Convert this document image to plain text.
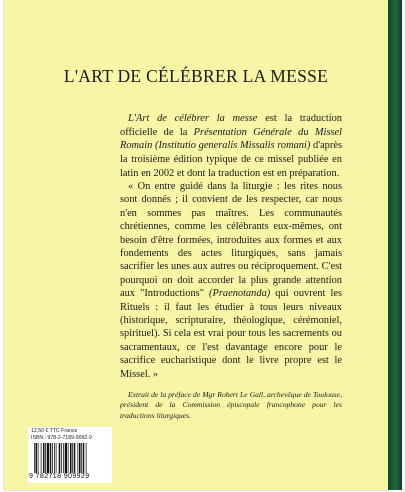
L'ART DE CÉLÉBRER LA MESSE

L'Art de célébrer la messe est la traduction officielle de la Présentation Générale du Missel Romain (Institutio generalis Missalis romani) d'après la troisième édition typique de ce missel publiée en latin en 2002 et dont la traduction est en préparation.

« On entre guidé dans la liturgie : les rites nous sont donnés ; il convient de les respecter, car nous n'en sommes pas maîtres. Les communautés chrétiennes, comme les célébrants eux-mêmes, ont besoin d'être formées, introduites aux formes et aux fondements des actes liturgiques, sans jamais sacrifier les unes aux autres ou réciproquement. C'est pourquoi on doit accorder la plus grande attention aux "Introductions" (Praenotanda) qui ouvrent les Rituels : il faut les étudier à tous leurs niveaux (historique, scripturaire, théologique, cérémoniel, spirituel). Si cela est vrai pour tous les sacrements ou sacramentaux, ce l'est davantage encore pour le sacrifice eucharistique dont le livre propre est le Missel. »

Extrait de la préface de Mgr Robert Le Gall, archevêque de Toulouse, président de la Commission épiscopale francophone pour les traductions liturgiques.

12,50 € TTC France
ISBN : 978-2-7189-9092-9
9 782718 909929
